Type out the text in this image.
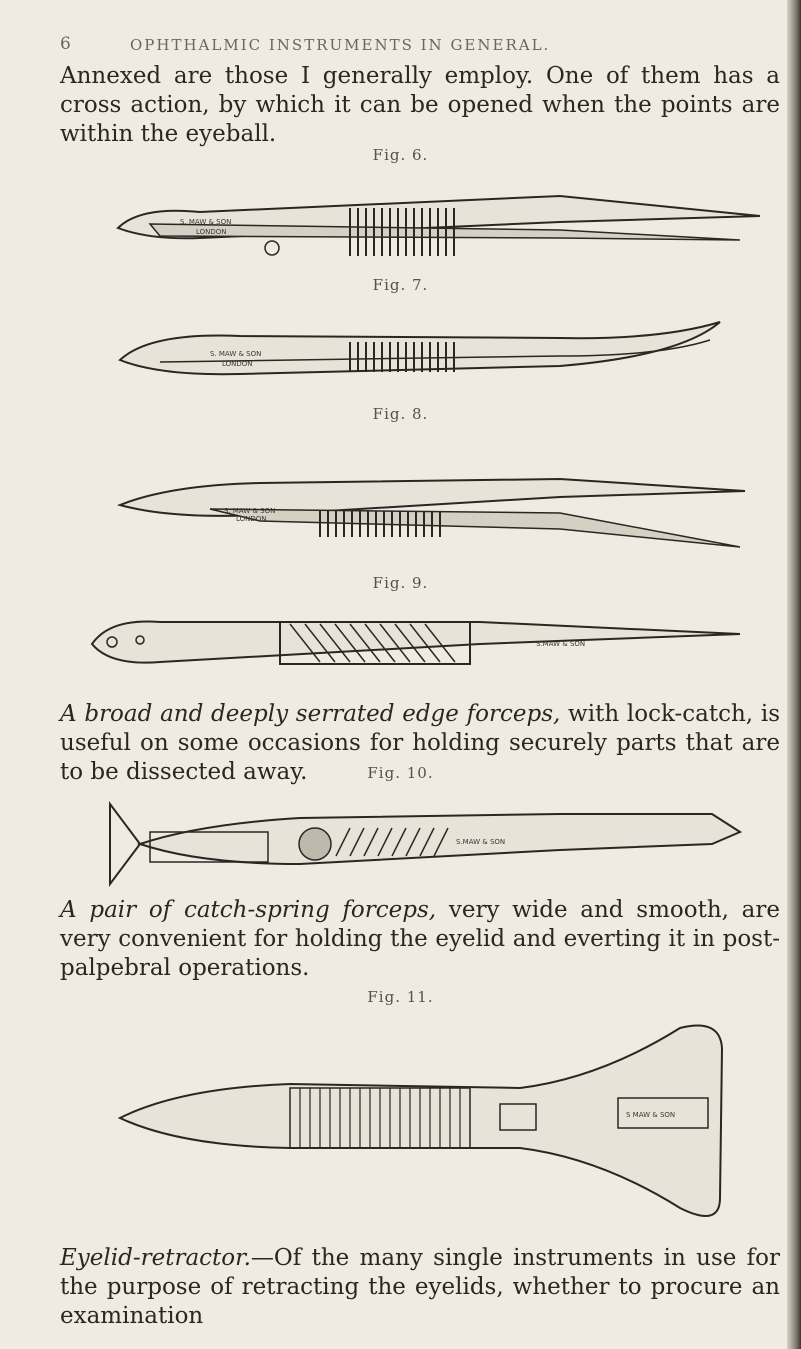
6	OPHTHALMIC INSTRUMENTS IN GENERAL.

Annexed are those I generally employ. One of them has a cross action, by which it can be opened when the points are within the eyeball.

Fig. 6.
S. MAW & SON
LONDON
Fig. 7.
S. MAW & SON
LONDON
Fig. 8.
S. MAW & SON
LONDON
Fig. 9.
S.MAW & SON

A broad and deeply serrated edge forceps, with lock-catch, is useful on some occasions for holding securely parts that are to be dissected away.	Fig. 10.
S.MAW & SON

A pair of catch-spring forceps, very wide and smooth, are very convenient for holding the eyelid and everting it in post-palpebral operations.

Fig. 11.
S MAW & SON

Eyelid-retractor.—Of the many single instruments in use for the purpose of retracting the eyelids, whether to procure an examination
